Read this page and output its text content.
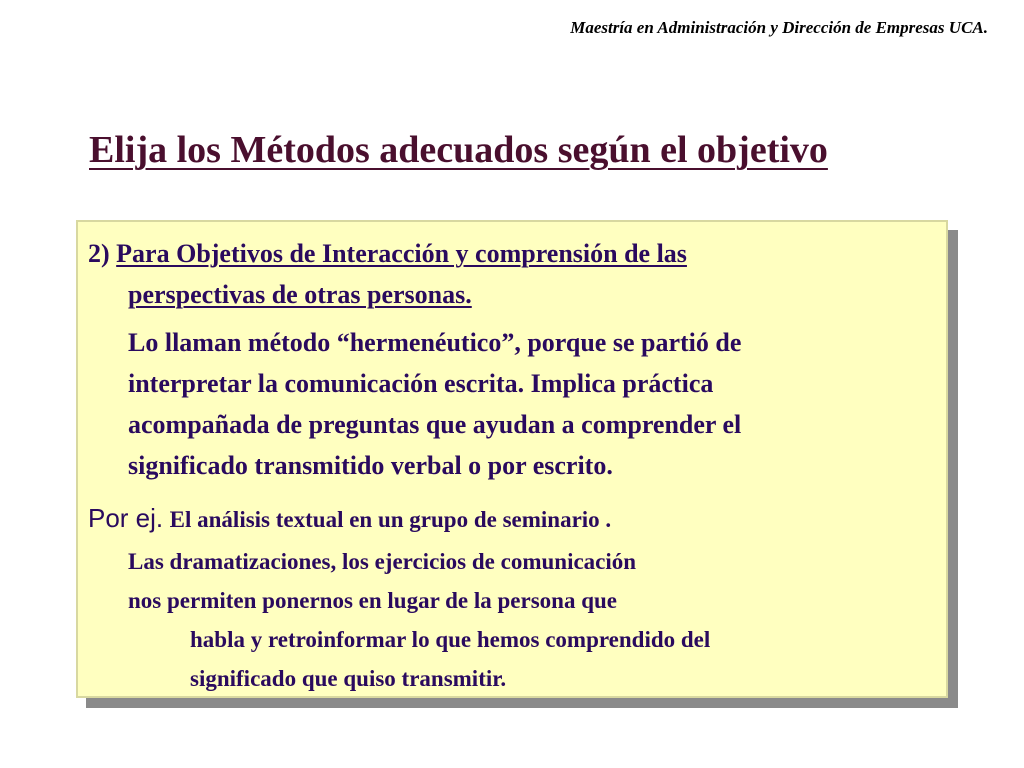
Maestría en Administración y Dirección de Empresas UCA.
Elija los Métodos adecuados según el objetivo

2) Para Objetivos de Interacción y comprensión de las

perspectivas de otras personas.

Lo llaman método “hermenéutico”, porque se partió de
interpretar la comunicación escrita. Implica práctica
acompañada de preguntas que ayudan a comprender el
significado transmitido verbal o por escrito.

Por ej. El análisis textual en un grupo de seminario .

Las dramatizaciones, los ejercicios de comunicación
nos permiten ponernos en lugar de la persona que

habla y retroinformar lo que hemos comprendido del
significado que quiso transmitir.
